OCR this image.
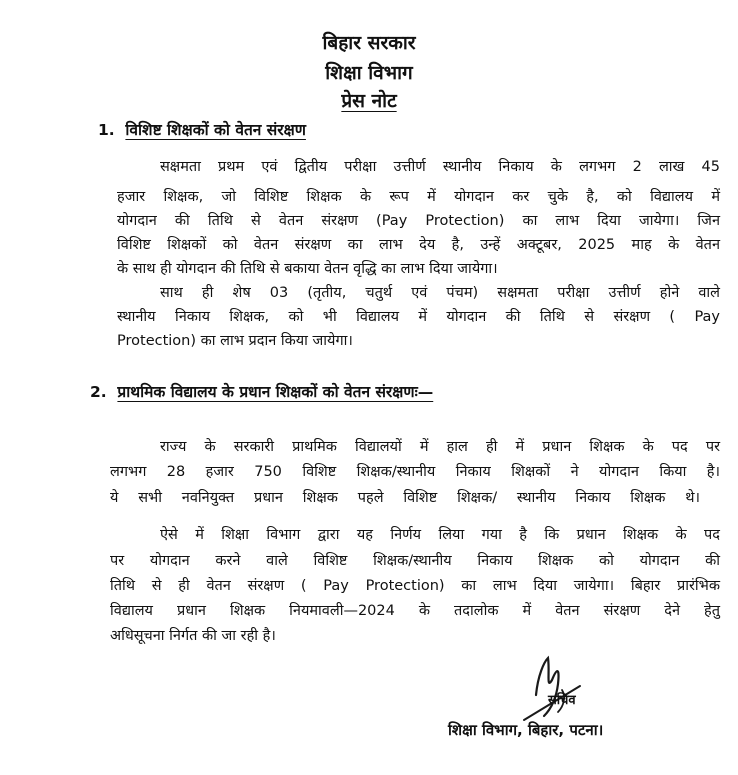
बिहार सरकार
शिक्षा विभाग
प्रेस नोट
1. विशिष्ट शिक्षकों को वेतन संरक्षण
सक्षमता प्रथम एवं द्वितीय परीक्षा उत्तीर्ण स्थानीय निकाय के लगभग 2 लाख 45
हजार शिक्षक, जो विशिष्ट शिक्षक के रूप में योगदान कर चुके है, को विद्यालय में
योगदान की तिथि से वेतन संरक्षण (Pay Protection) का लाभ दिया जायेगा। जिन
विशिष्ट शिक्षकों को वेतन संरक्षण का लाभ देय है, उन्हें अक्टूबर, 2025 माह के वेतन
के साथ ही योगदान की तिथि से बकाया वेतन वृद्धि का लाभ दिया जायेगा।
साथ ही शेष 03 (तृतीय, चतुर्थ एवं पंचम) सक्षमता परीक्षा उत्तीर्ण होने वाले
स्थानीय निकाय शिक्षक, को भी विद्यालय में योगदान की तिथि से संरक्षण ( Pay
Protection) का लाभ प्रदान किया जायेगा।
2. प्राथमिक विद्यालय के प्रधान शिक्षकों को वेतन संरक्षणः—
राज्य के सरकारी प्राथमिक विद्यालयों में हाल ही में प्रधान शिक्षक के पद पर
लगभग 28 हजार 750 विशिष्ट शिक्षक/स्थानीय निकाय शिक्षकों ने योगदान किया है।
ये सभी नवनियुक्त प्रधान शिक्षक पहले विशिष्ट शिक्षक/ स्थानीय निकाय शिक्षक थे।
ऐसे में शिक्षा विभाग द्वारा यह निर्णय लिया गया है कि प्रधान शिक्षक के पद
पर योगदान करने वाले विशिष्ट शिक्षक/स्थानीय निकाय शिक्षक को योगदान की
तिथि से ही वेतन संरक्षण ( Pay Protection) का लाभ दिया जायेगा। बिहार प्रारंभिक
विद्यालय प्रधान शिक्षक नियमावली—2024 के तदालोक में वेतन संरक्षण देने हेतु
अधिसूचना निर्गत की जा रही है।
सचिव
शिक्षा विभाग, बिहार, पटना।
